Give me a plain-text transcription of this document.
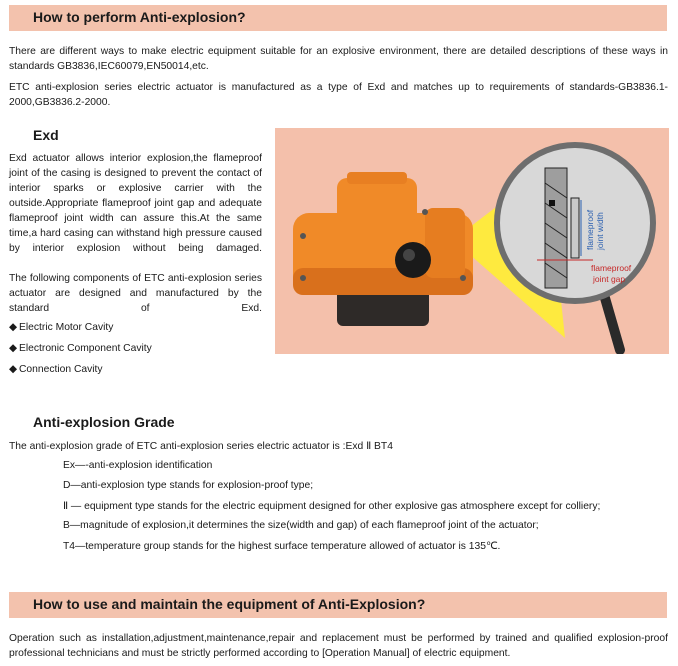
How to perform Anti-explosion?

There are different ways to make electric equipment suitable for an explosive environment, there are detailed descriptions of these ways in standards GB3836,IEC60079,EN50014,etc.

ETC anti-explosion series electric actuator is manufactured as a type of Exd and matches up to requirements of standards-GB3836.1-2000,GB3836.2-2000.

Exd

Exd actuator allows interior explosion,the flameproof joint of the casing is designed to prevent the contact of interior sparks or explosive carrier with the outside.Appropriate flameproof joint gap and adequate flameproof joint width can assure this.At the same time,a hard casing can withstand high pressure caused by interior explosion without being damaged.

The following components of ETC anti-explosion series actuator are designed and manufactured by the standard of Exd.

◆ Electric Motor Cavity
◆ Electronic Component Cavity
◆ Connection Cavity
flameproof joint width
flameproof
joint gap
Anti-explosion Grade
The anti-explosion grade of ETC anti-explosion series electric actuator is :Exd Ⅱ BT4
Ex—-anti-explosion identification
D—anti-explosion type stands for explosion-proof type;
Ⅱ — equipment type stands for the electric equipment designed for other explosive gas atmosphere except for colliery;
B—magnitude of explosion,it determines the size(width and gap) of each flameproof joint of the actuator;
T4—temperature group stands for the highest surface temperature allowed of actuator is 135℃.
How to use and maintain the equipment of Anti-Explosion?

Operation such as installation,adjustment,maintenance,repair and replacement must be performed by trained and qualified explosion-proof professional technicians and must be strictly performed according to [Operation Manual] of electric equipment.
